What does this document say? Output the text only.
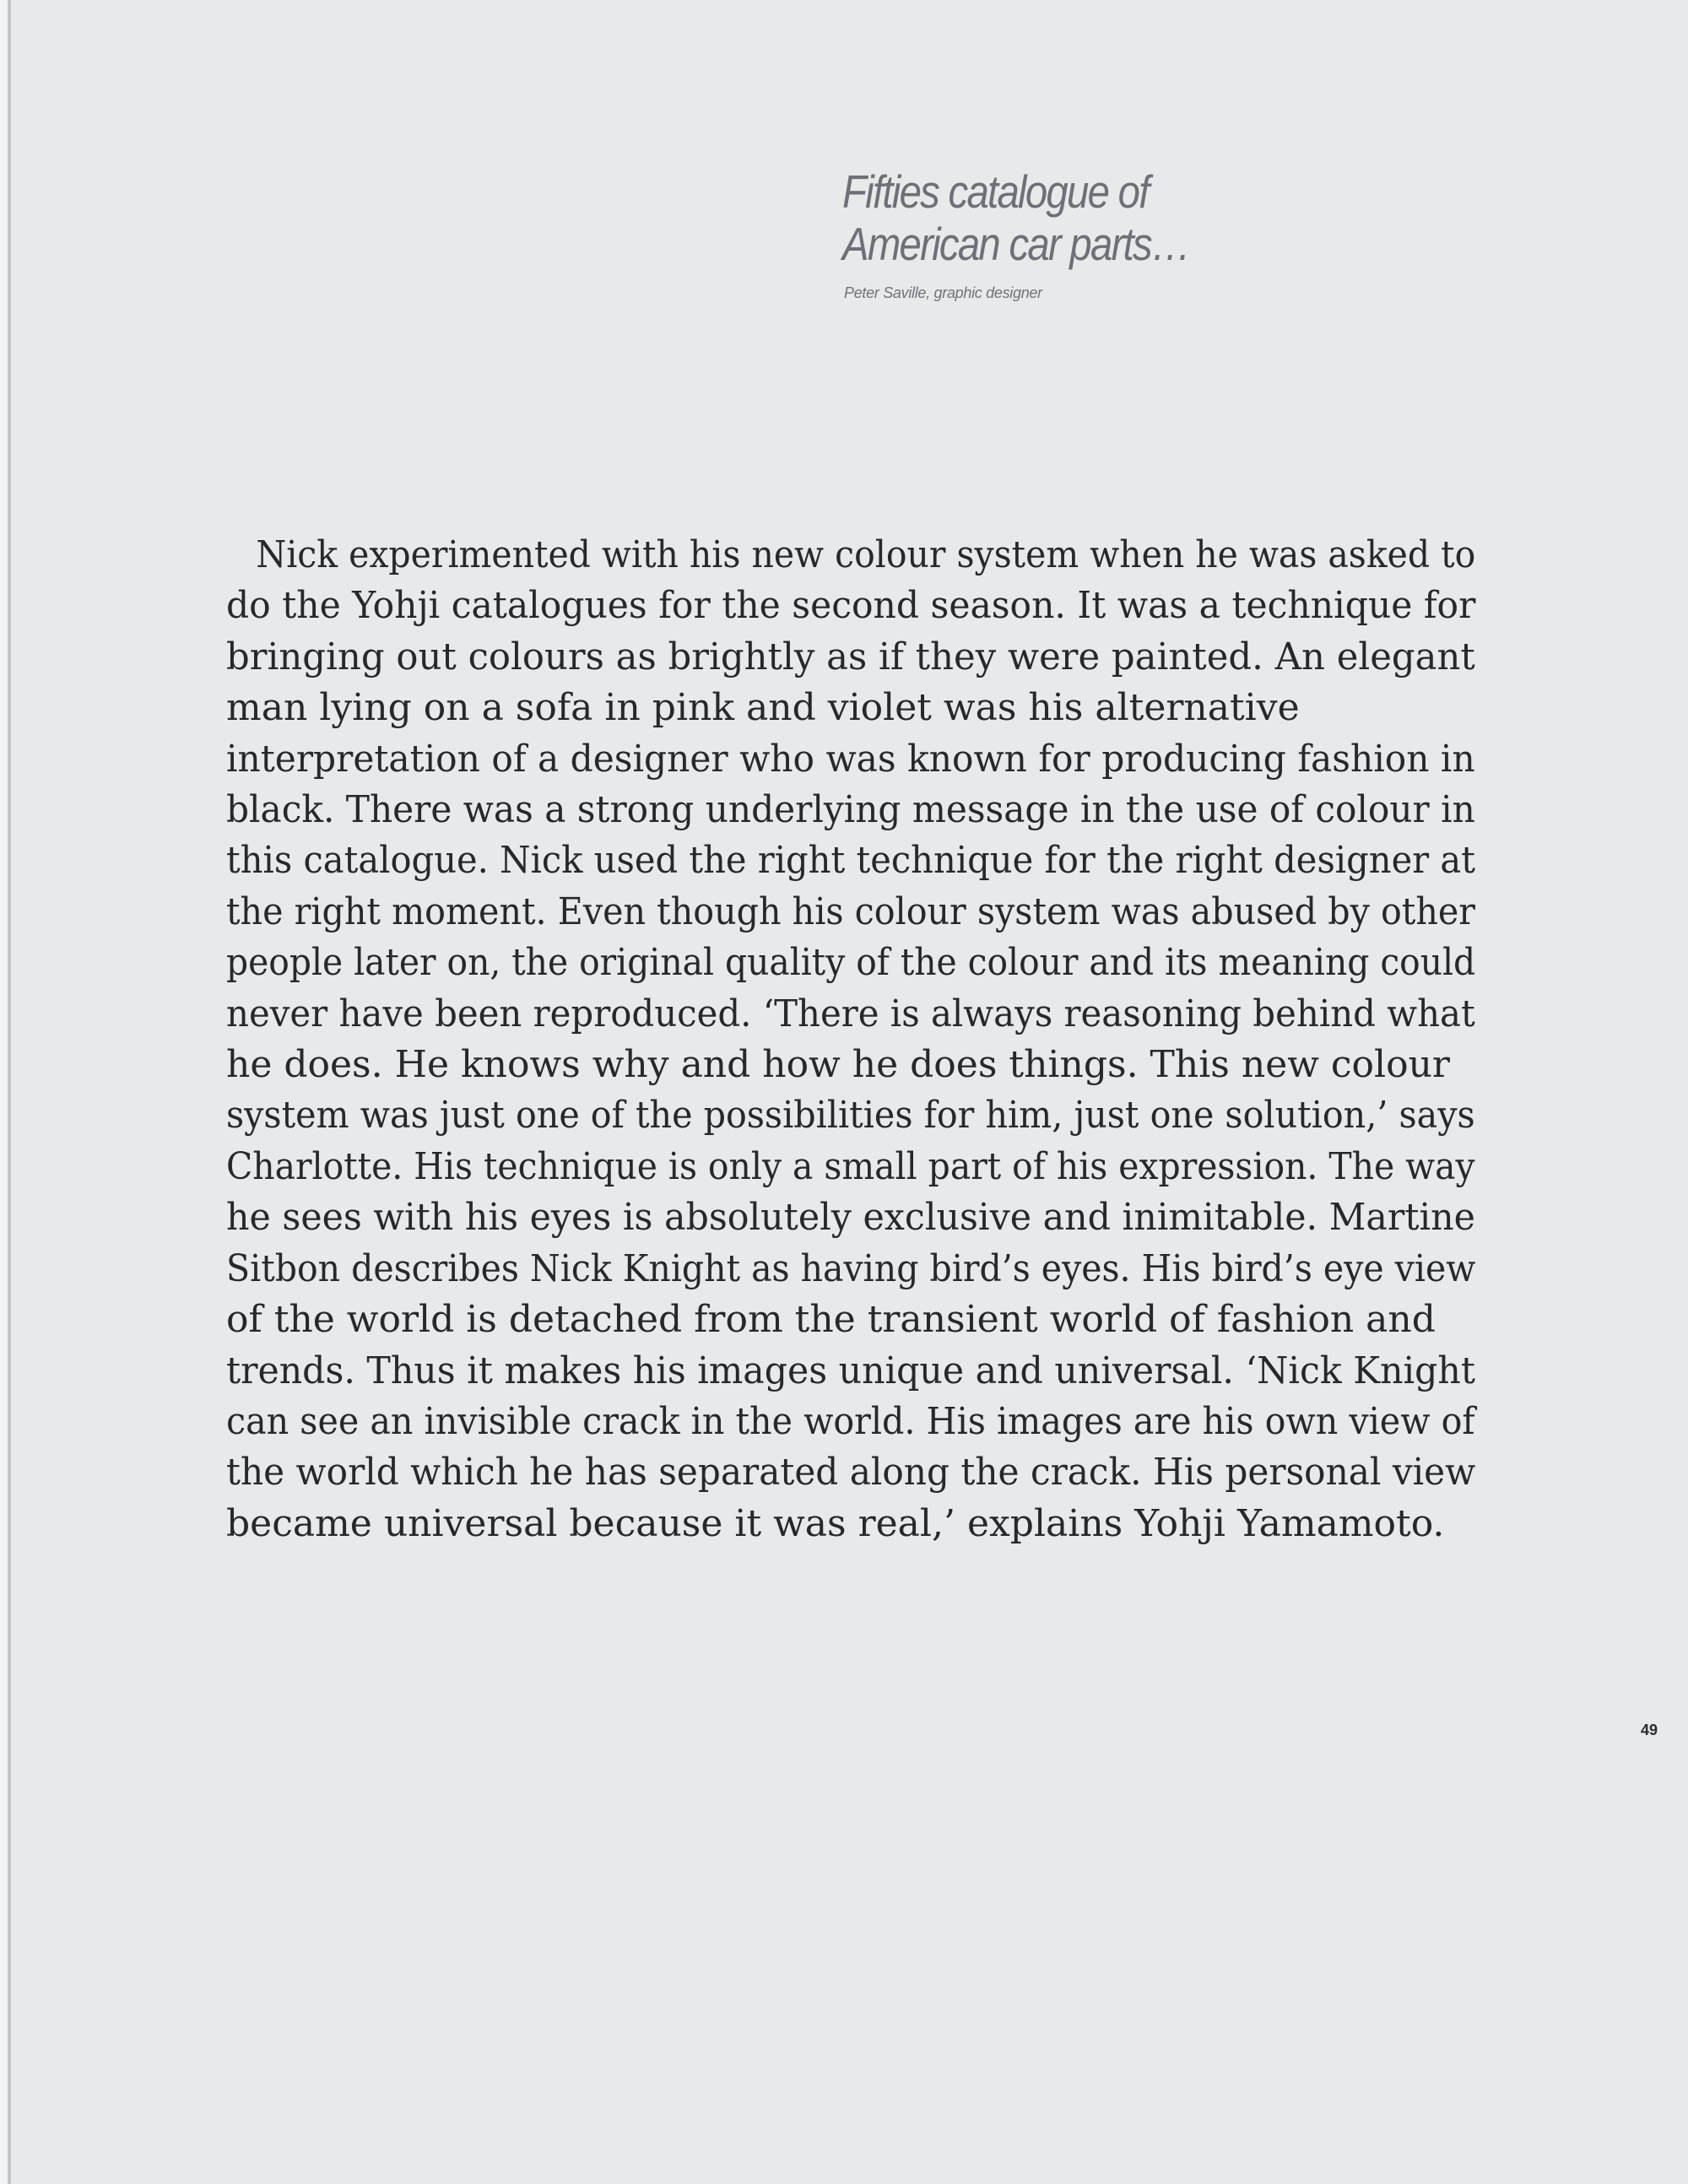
Fifties catalogue of
American car parts…

Peter Saville, graphic designer

Nick experimented with his new colour system when he was asked to
do the Yohji catalogues for the second season. It was a technique for
bringing out colours as brightly as if they were painted. An elegant
man lying on a sofa in pink and violet was his alternative
interpretation of a designer who was known for producing fashion in
black. There was a strong underlying message in the use of colour in
this catalogue. Nick used the right technique for the right designer at
the right moment. Even though his colour system was abused by other
people later on, the original quality of the colour and its meaning could
never have been reproduced. ‘There is always reasoning behind what
he does. He knows why and how he does things. This new colour
system was just one of the possibilities for him, just one solution,’ says
Charlotte. His technique is only a small part of his expression. The way
he sees with his eyes is absolutely exclusive and inimitable. Martine
Sitbon describes Nick Knight as having bird’s eyes. His bird’s eye view
of the world is detached from the transient world of fashion and
trends. Thus it makes his images unique and universal. ‘Nick Knight
can see an invisible crack in the world. His images are his own view of
the world which he has separated along the crack. His personal view
became universal because it was real,’ explains Yohji Yamamoto.

49
